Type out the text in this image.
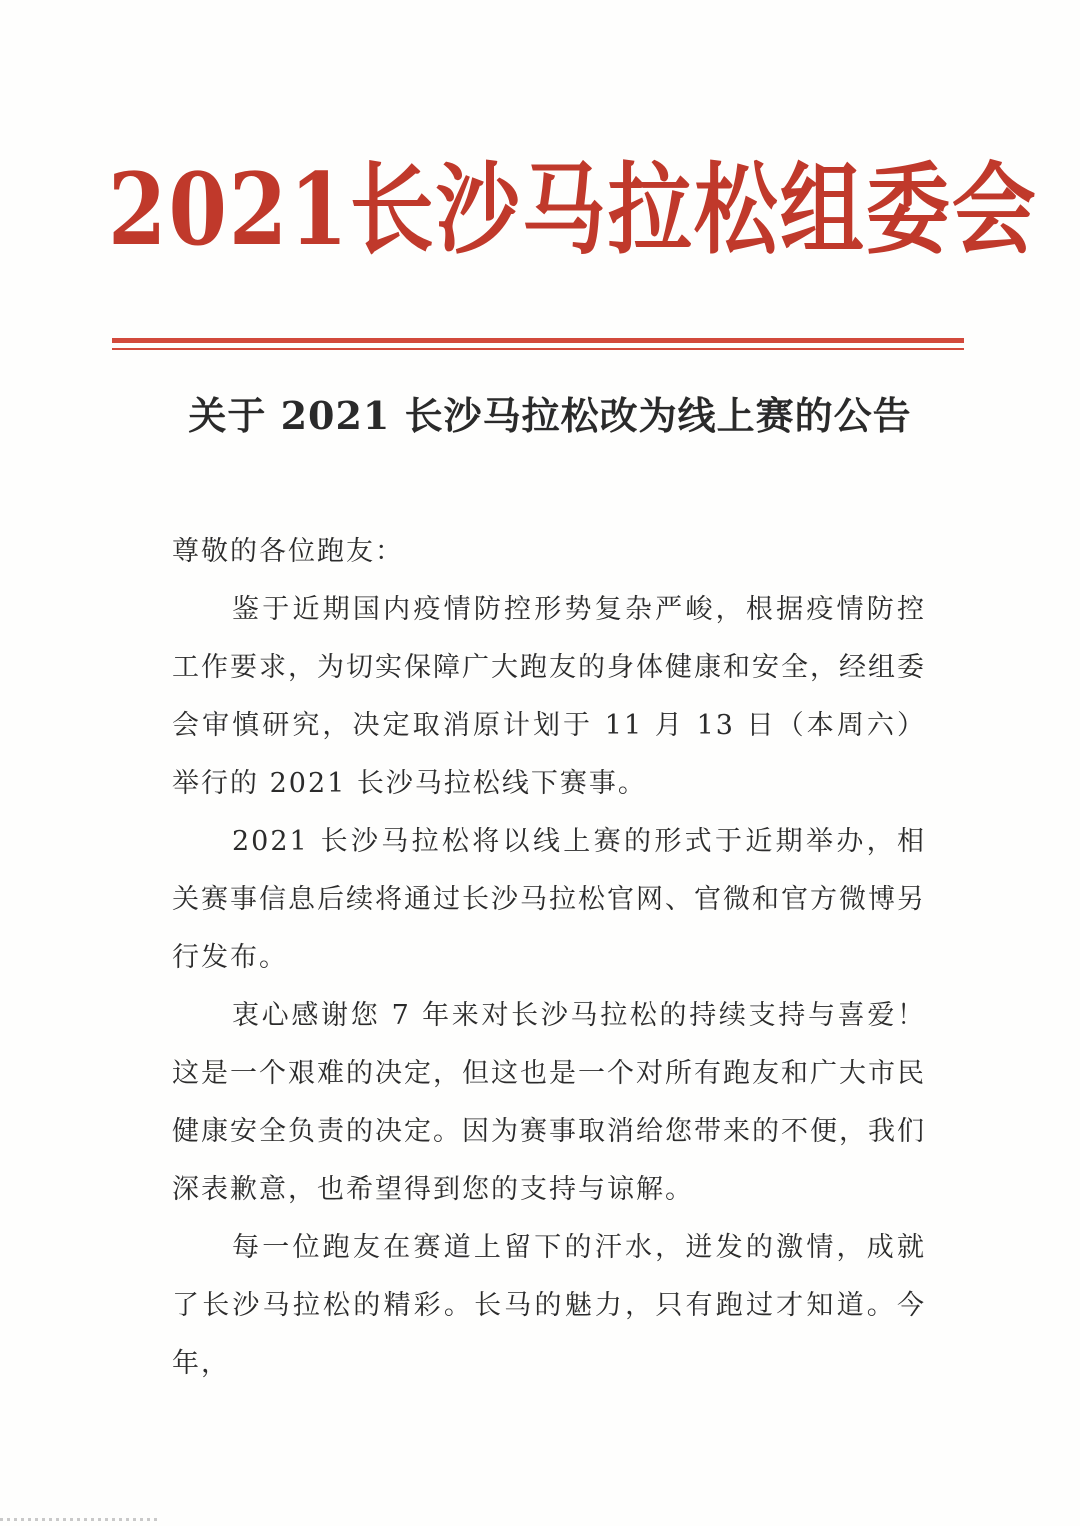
2021长沙马拉松组委会
关于 2021 长沙马拉松改为线上赛的公告

尊敬的各位跑友：

鉴于近期国内疫情防控形势复杂严峻，根据疫情防控工作要求，为切实保障广大跑友的身体健康和安全，经组委会审慎研究，决定取消原计划于 11 月 13 日（本周六）举行的 2021 长沙马拉松线下赛事。

2021 长沙马拉松将以线上赛的形式于近期举办，相关赛事信息后续将通过长沙马拉松官网、官微和官方微博另行发布。

衷心感谢您 7 年来对长沙马拉松的持续支持与喜爱！这是一个艰难的决定，但这也是一个对所有跑友和广大市民健康安全负责的决定。因为赛事取消给您带来的不便，我们深表歉意，也希望得到您的支持与谅解。

每一位跑友在赛道上留下的汗水，迸发的激情，成就了长沙马拉松的精彩。长马的魅力，只有跑过才知道。今年，
